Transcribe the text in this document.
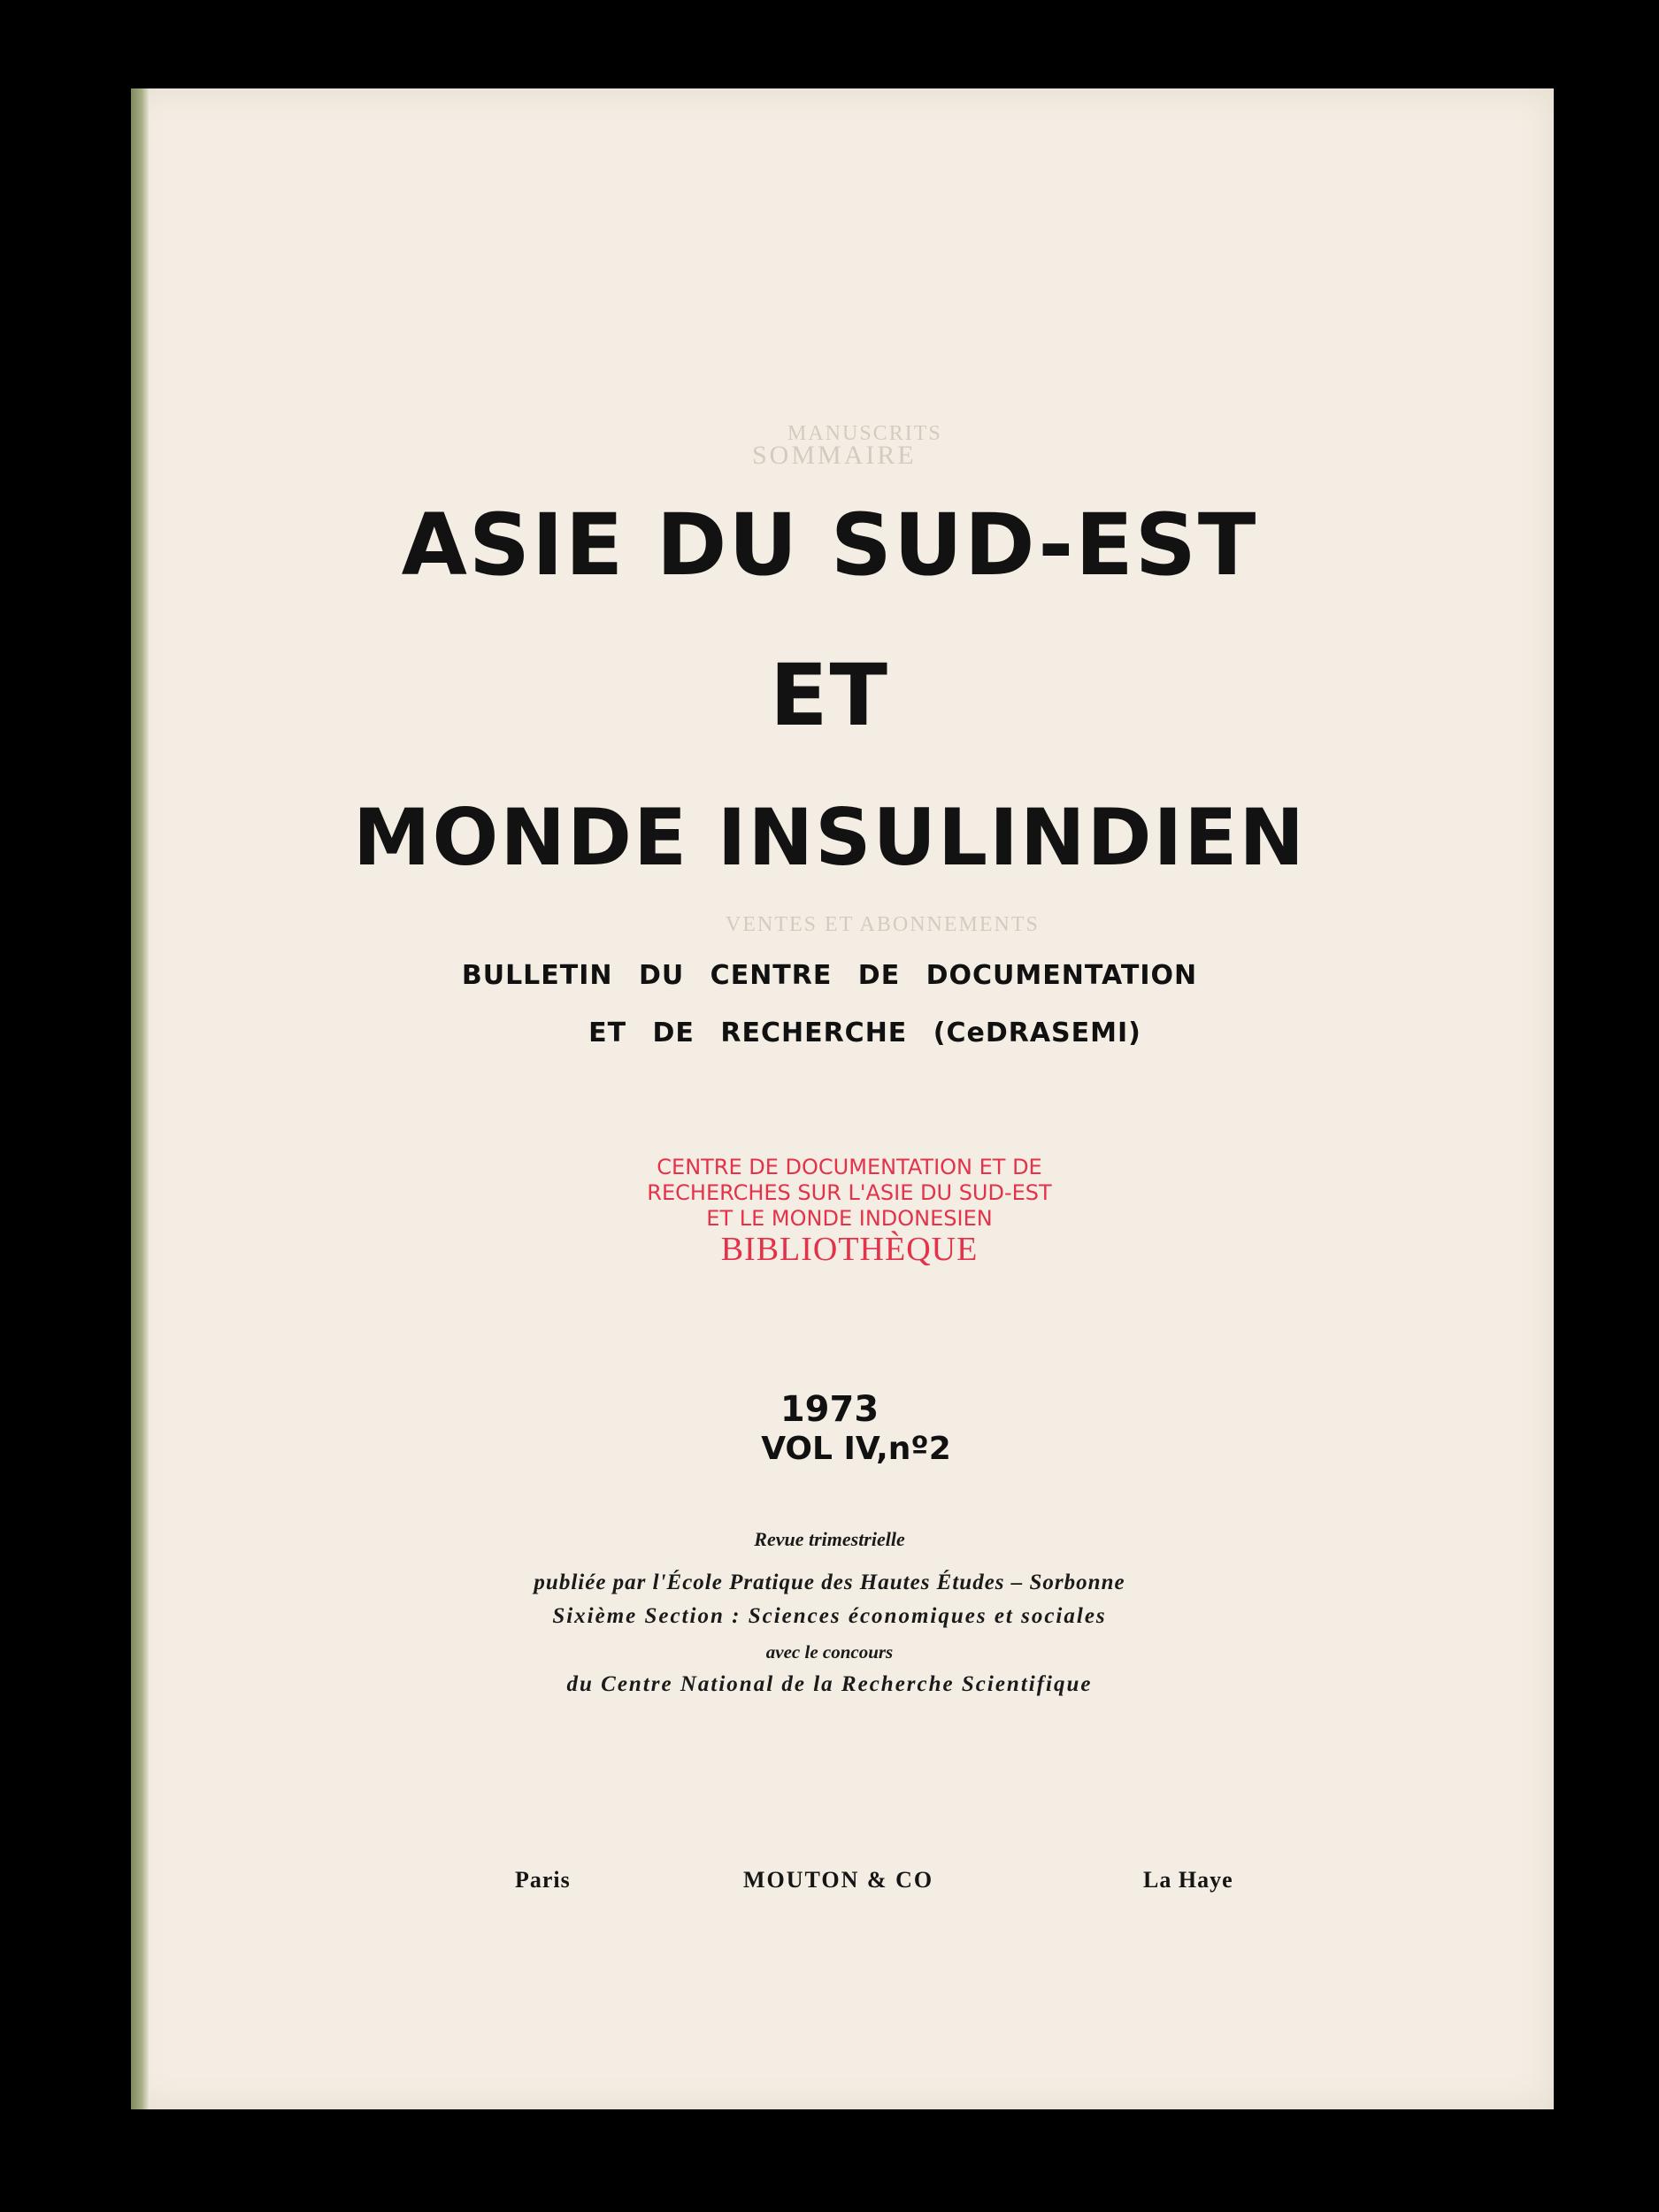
MANUSCRITS
SOMMAIRE
VENTES ET ABONNEMENTS
ASIE DU SUD-EST
ET
MONDE INSULINDIEN
BULLETIN DU CENTRE DE DOCUMENTATION
ET DE RECHERCHE (CeDRASEMI)
CENTRE DE DOCUMENTATION ET DE
RECHERCHES SUR L'ASIE DU SUD-EST
ET LE MONDE INDONESIEN
BIBLIOTHÈQUE
1973
VOL IV,nº2
Revue trimestrielle
publiée par l'École Pratique des Hautes Études – Sorbonne
Sixième Section : Sciences économiques et sociales
avec le concours
du Centre National de la Recherche Scientifique
Paris	MOUTON & CO	La Haye
